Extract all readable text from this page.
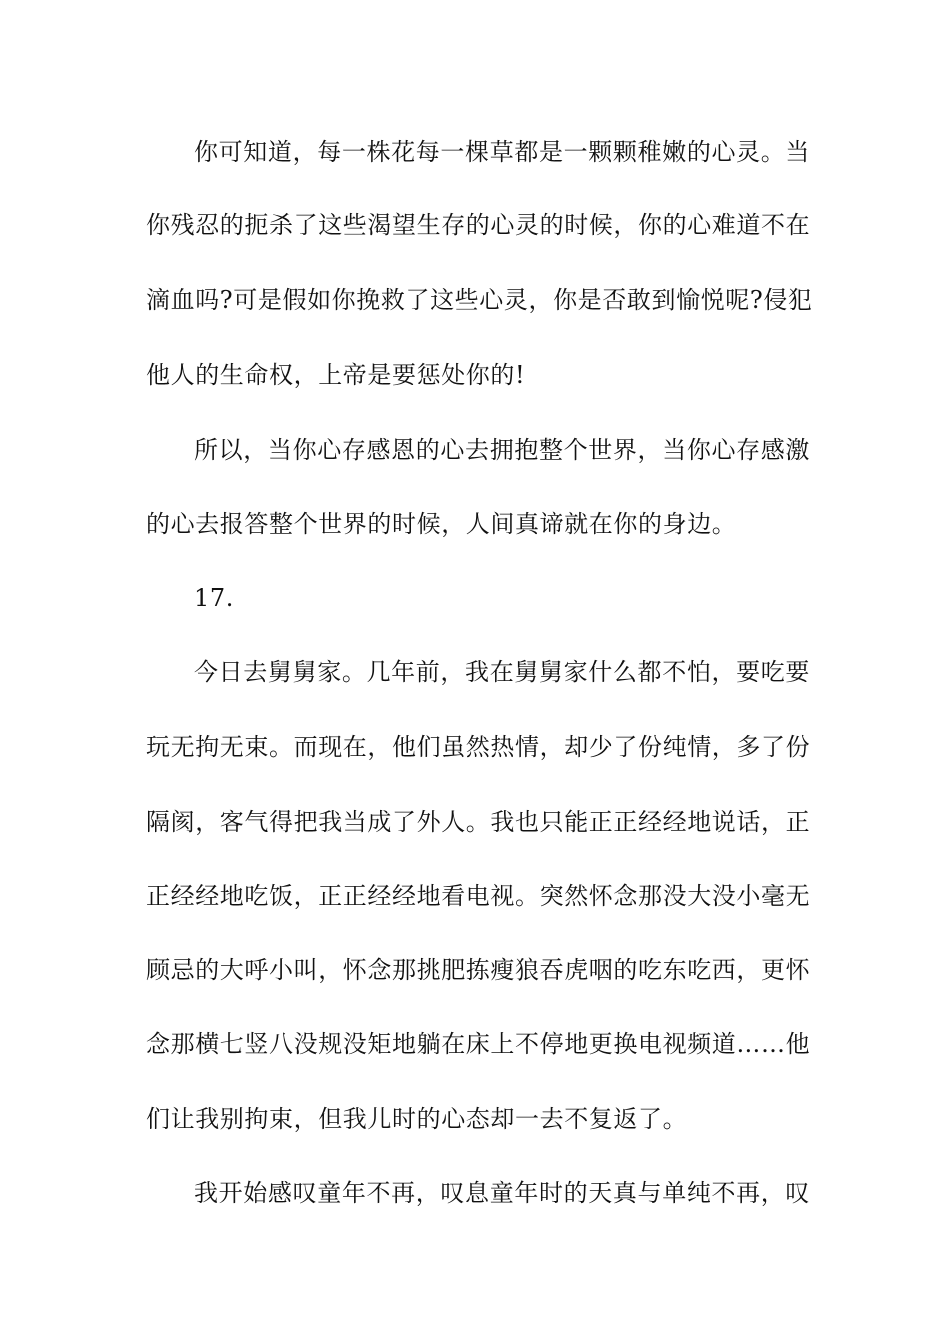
你可知道，每一株花每一棵草都是一颗颗稚嫩的心灵。当
你残忍的扼杀了这些渴望生存的心灵的时候，你的心难道不在
滴血吗?可是假如你挽救了这些心灵，你是否敢到愉悦呢?侵犯
他人的生命权，上帝是要惩处你的!
所以，当你心存感恩的心去拥抱整个世界，当你心存感激
的心去报答整个世界的时候，人间真谛就在你的身边。
17.
今日去舅舅家。几年前，我在舅舅家什么都不怕，要吃要
玩无拘无束。而现在，他们虽然热情，却少了份纯情，多了份
隔阂，客气得把我当成了外人。我也只能正正经经地说话，正
正经经地吃饭，正正经经地看电视。突然怀念那没大没小毫无
顾忌的大呼小叫，怀念那挑肥拣瘦狼吞虎咽的吃东吃西，更怀
念那横七竖八没规没矩地躺在床上不停地更换电视频道……他
们让我别拘束，但我儿时的心态却一去不复返了。
我开始感叹童年不再，叹息童年时的天真与单纯不再，叹
